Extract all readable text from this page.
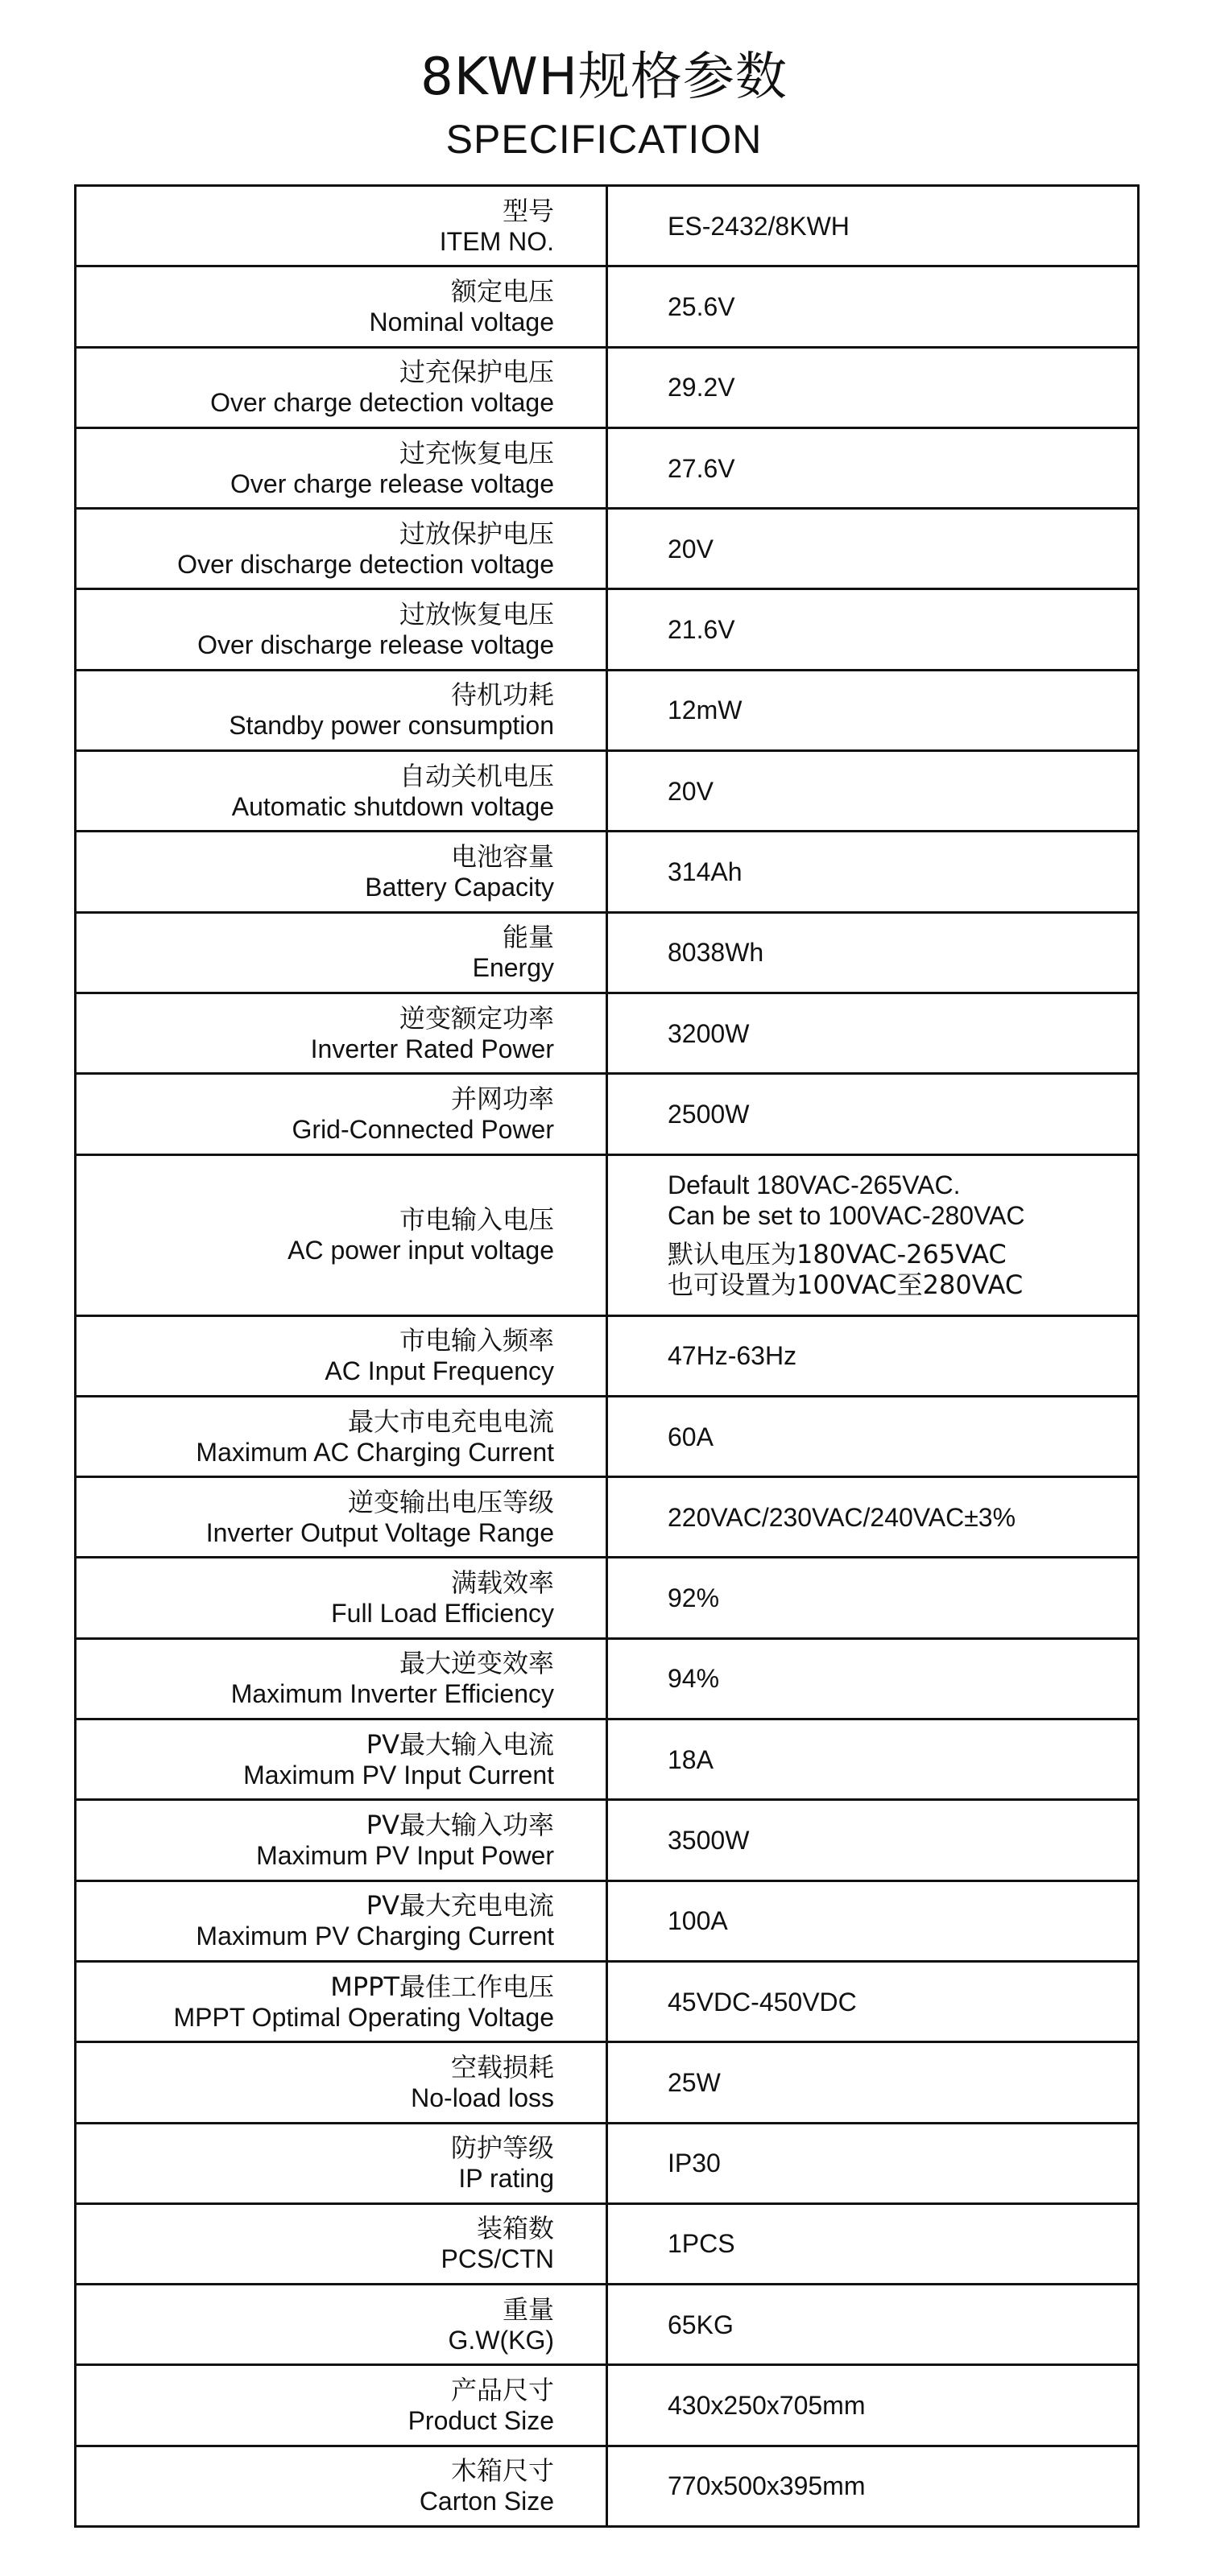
8KWH规格参数
SPECIFICATION
型号
ITEM NO.	ES-2432/8KWH

额定电压
Nominal voltage	25.6V

过充保护电压
Over charge detection voltage	29.2V

过充恢复电压
Over charge release voltage	27.6V

过放保护电压
Over discharge detection voltage	20V

过放恢复电压
Over discharge release voltage	21.6V

待机功耗
Standby power consumption	12mW

自动关机电压
Automatic shutdown voltage	20V

电池容量
Battery Capacity	314Ah

能量
Energy	8038Wh

逆变额定功率
Inverter Rated Power	3200W

并网功率
Grid-Connected Power	2500W

市电输入电压
AC power input voltage	Default 180VAC-265VAC.
Can be set to 100VAC-280VAC
默认电压为180VAC-265VAC
也可设置为100VAC至280VAC

市电输入频率
AC Input Frequency	47Hz-63Hz

最大市电充电电流
Maximum AC Charging Current	60A

逆变输出电压等级
Inverter Output Voltage Range	220VAC/230VAC/240VAC±3%

满载效率
Full Load Efficiency	92%

最大逆变效率
Maximum Inverter Efficiency	94%

PV最大输入电流
Maximum PV Input Current	18A

PV最大输入功率
Maximum PV Input Power	3500W

PV最大充电电流
Maximum PV Charging Current	100A

MPPT最佳工作电压
MPPT Optimal Operating Voltage	45VDC-450VDC

空载损耗
No-load loss	25W

防护等级
IP rating	IP30

装箱数
PCS/CTN	1PCS

重量
G.W(KG)	65KG

产品尺寸
Product Size	430x250x705mm

木箱尺寸
Carton Size	770x500x395mm
